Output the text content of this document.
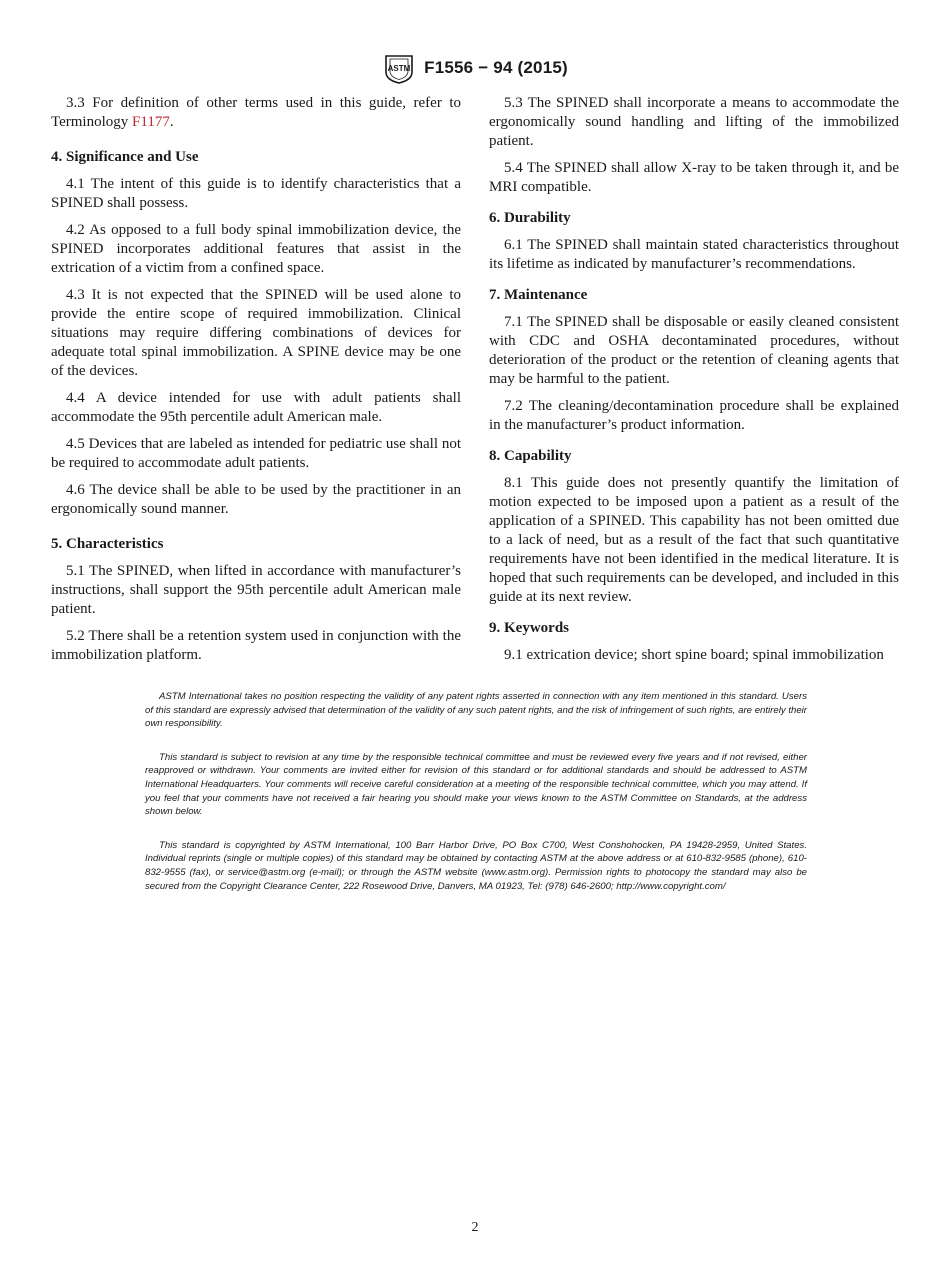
ASTM F1556 − 94 (2015)

3.3 For definition of other terms used in this guide, refer to Terminology F1177.

4. Significance and Use

4.1 The intent of this guide is to identify characteristics that a SPINED shall possess.

4.2 As opposed to a full body spinal immobilization device, the SPINED incorporates additional features that assist in the extrication of a victim from a confined space.

4.3 It is not expected that the SPINED will be used alone to provide the entire scope of required immobilization. Clinical situations may require differing combinations of devices for adequate total spinal immobilization. A SPINE device may be one of the devices.

4.4 A device intended for use with adult patients shall accommodate the 95th percentile adult American male.

4.5 Devices that are labeled as intended for pediatric use shall not be required to accommodate adult patients.

4.6 The device shall be able to be used by the practitioner in an ergonomically sound manner.

5. Characteristics

5.1 The SPINED, when lifted in accordance with manufacturer’s instructions, shall support the 95th percentile adult American male patient.

5.2 There shall be a retention system used in conjunction with the immobilization platform.

5.3 The SPINED shall incorporate a means to accommodate the ergonomically sound handling and lifting of the immobilized patient.

5.4 The SPINED shall allow X-ray to be taken through it, and be MRI compatible.

6. Durability

6.1 The SPINED shall maintain stated characteristics throughout its lifetime as indicated by manufacturer’s recommendations.

7. Maintenance

7.1 The SPINED shall be disposable or easily cleaned consistent with CDC and OSHA decontaminated procedures, without deterioration of the product or the retention of cleaning agents that may be harmful to the patient.

7.2 The cleaning/decontamination procedure shall be explained in the manufacturer’s product information.

8. Capability

8.1 This guide does not presently quantify the limitation of motion expected to be imposed upon a patient as a result of the application of a SPINED. This capability has not been omitted due to a lack of need, but as a result of the fact that such quantitative requirements have not been identified in the medical literature. It is hoped that such requirements can be developed, and included in this guide at its next review.

9. Keywords

9.1 extrication device; short spine board; spinal immobilization

ASTM International takes no position respecting the validity of any patent rights asserted in connection with any item mentioned in this standard. Users of this standard are expressly advised that determination of the validity of any such patent rights, and the risk of infringement of such rights, are entirely their own responsibility.

This standard is subject to revision at any time by the responsible technical committee and must be reviewed every five years and if not revised, either reapproved or withdrawn. Your comments are invited either for revision of this standard or for additional standards and should be addressed to ASTM International Headquarters. Your comments will receive careful consideration at a meeting of the responsible technical committee, which you may attend. If you feel that your comments have not received a fair hearing you should make your views known to the ASTM Committee on Standards, at the address shown below.

This standard is copyrighted by ASTM International, 100 Barr Harbor Drive, PO Box C700, West Conshohocken, PA 19428-2959, United States. Individual reprints (single or multiple copies) of this standard may be obtained by contacting ASTM at the above address or at 610-832-9585 (phone), 610-832-9555 (fax), or service@astm.org (e-mail); or through the ASTM website (www.astm.org). Permission rights to photocopy the standard may also be secured from the Copyright Clearance Center, 222 Rosewood Drive, Danvers, MA 01923, Tel: (978) 646-2600; http://www.copyright.com/

2
